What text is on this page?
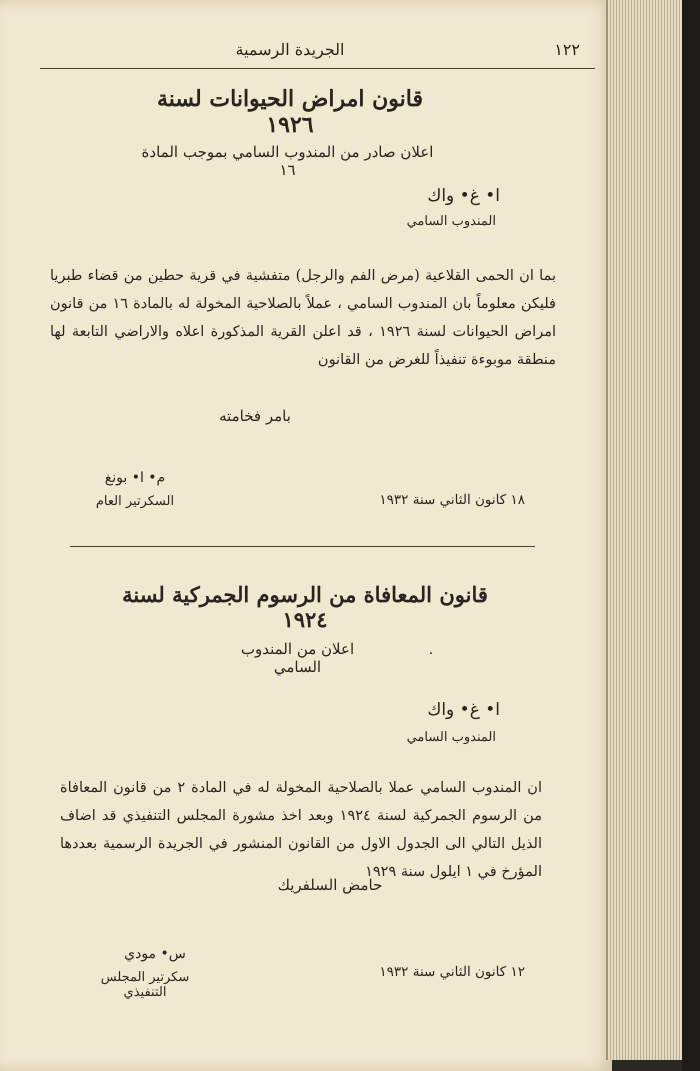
١٢٢
الجريدة الرسمية
قانون امراض الحيوانات لسنة ١٩٢٦
اعلان صادر من المندوب السامي بموجب المادة ١٦
ا• غ• واك
المندوب السامي
بما ان الحمى القلاعية (مرض الفم والرجل) متفشية في قرية حطين من قضاء طبريا فليكن معلوماً بان المندوب السامي ، عملاً بالصلاحية المخولة له بالمادة ١٦ من قانون امراض الحيوانات لسنة ١٩٢٦ ، قد اعلن القرية المذكورة اعلاه والاراضي التابعة لها منطقة موبوءة تنفيذاً للغرض من القانون
بامر فخامته
م• ا• بونغ
السكرتير العام	١٨ كانون الثاني سنة ١٩٣٢
قانون المعافاة من الرسوم الجمركية لسنة ١٩٢٤
·
اعلان من المندوب السامي
ا• غ• واك
المندوب السامي
ان المندوب السامي عملا بالصلاحية المخولة له في المادة ٢ من قانون المعافاة من الرسوم الجمركية لسنة ١٩٢٤ وبعد اخذ مشورة المجلس التنفيذي قد اضاف الذيل التالي الى الجدول الاول من القانون المنشور في الجريدة الرسمية بعددها المؤرخ في ١ ايلول سنة ١٩٢٩
حامض السلفريك
س• مودي
سكرتير المجلس التنفيذي
١٢ كانون الثاني سنة ١٩٣٢
